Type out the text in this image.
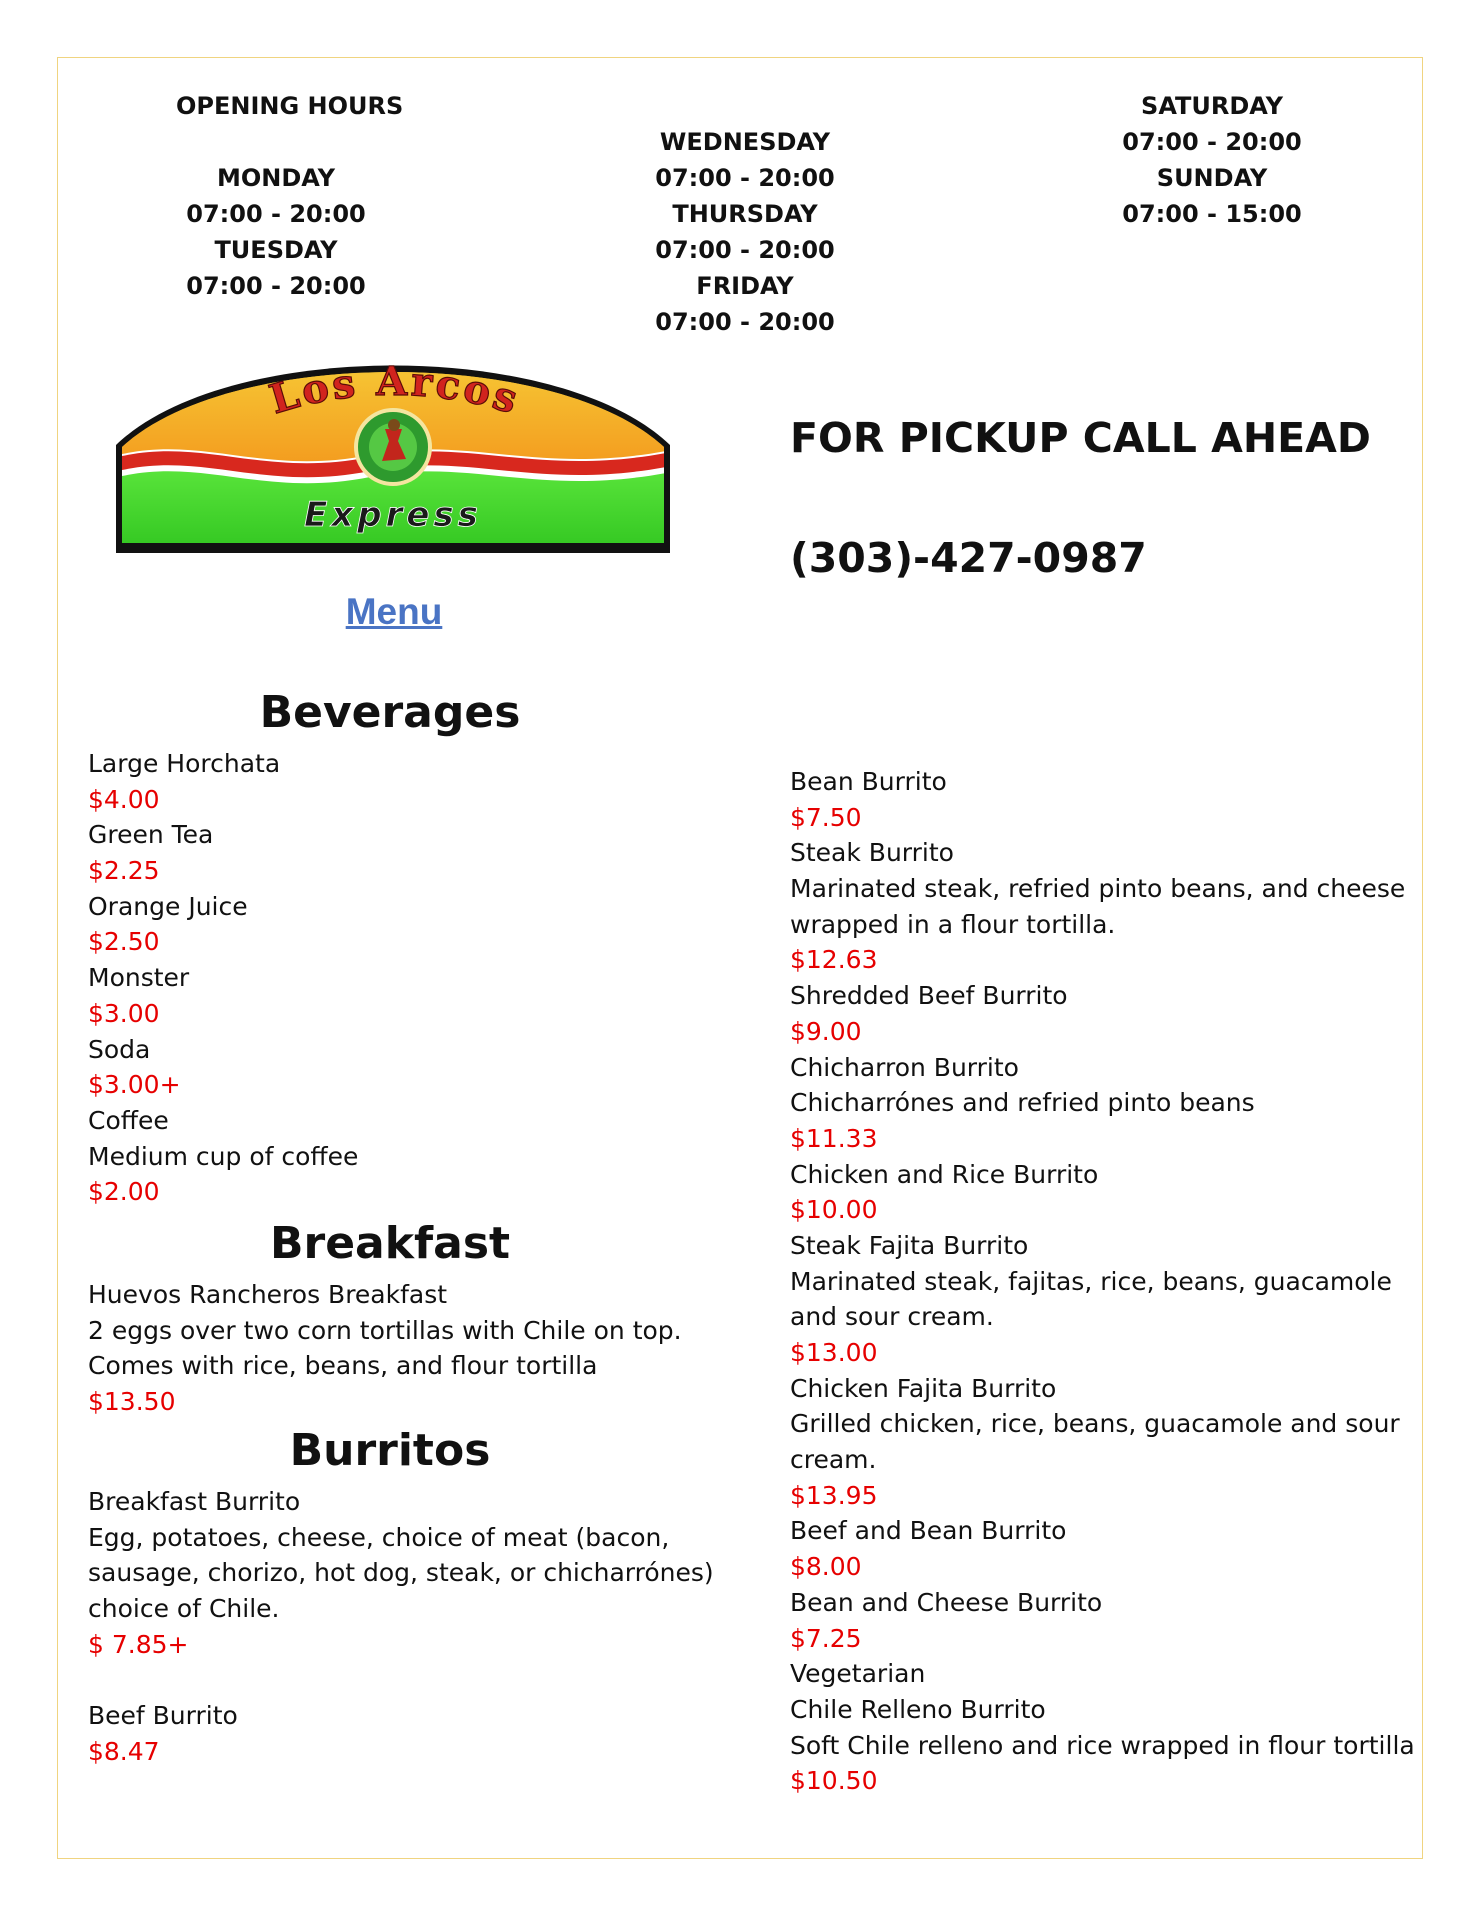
OPENING HOURS
MONDAY
07:00 - 20:00
TUESDAY
07:00 - 20:00
WEDNESDAY
07:00 - 20:00
THURSDAY
07:00 - 20:00
FRIDAY
07:00 - 20:00
SATURDAY
07:00 - 20:00
SUNDAY
07:00 - 15:00
Los Arcos
Express
FOR PICKUP CALL AHEAD
(303)-427-0987
Menu
Beverages
Large Horchata
$4.00
Green Tea
$2.25
Orange Juice
$2.50
Monster
$3.00
Soda
$3.00+
Coffee
Medium cup of coffee
$2.00
Breakfast
Huevos Rancheros Breakfast
2 eggs over two corn tortillas with Chile on top.
Comes with rice, beans, and flour tortilla
$13.50
Burritos
Breakfast Burrito
Egg, potatoes, cheese, choice of meat (bacon,
sausage, chorizo, hot dog, steak, or chicharrónes)
choice of Chile.
$ 7.85+
Beef Burrito
$8.47
Bean Burrito
$7.50
Steak Burrito
Marinated steak, refried pinto beans, and cheese
wrapped in a flour tortilla.
$12.63
Shredded Beef Burrito
$9.00
Chicharron Burrito
Chicharrónes and refried pinto beans
$11.33
Chicken and Rice Burrito
$10.00
Steak Fajita Burrito
Marinated steak, fajitas, rice, beans, guacamole
and sour cream.
$13.00
Chicken Fajita Burrito
Grilled chicken, rice, beans, guacamole and sour
cream.
$13.95
Beef and Bean Burrito
$8.00
Bean and Cheese Burrito
$7.25
Vegetarian
Chile Relleno Burrito
Soft Chile relleno and rice wrapped in flour tortilla
$10.50
